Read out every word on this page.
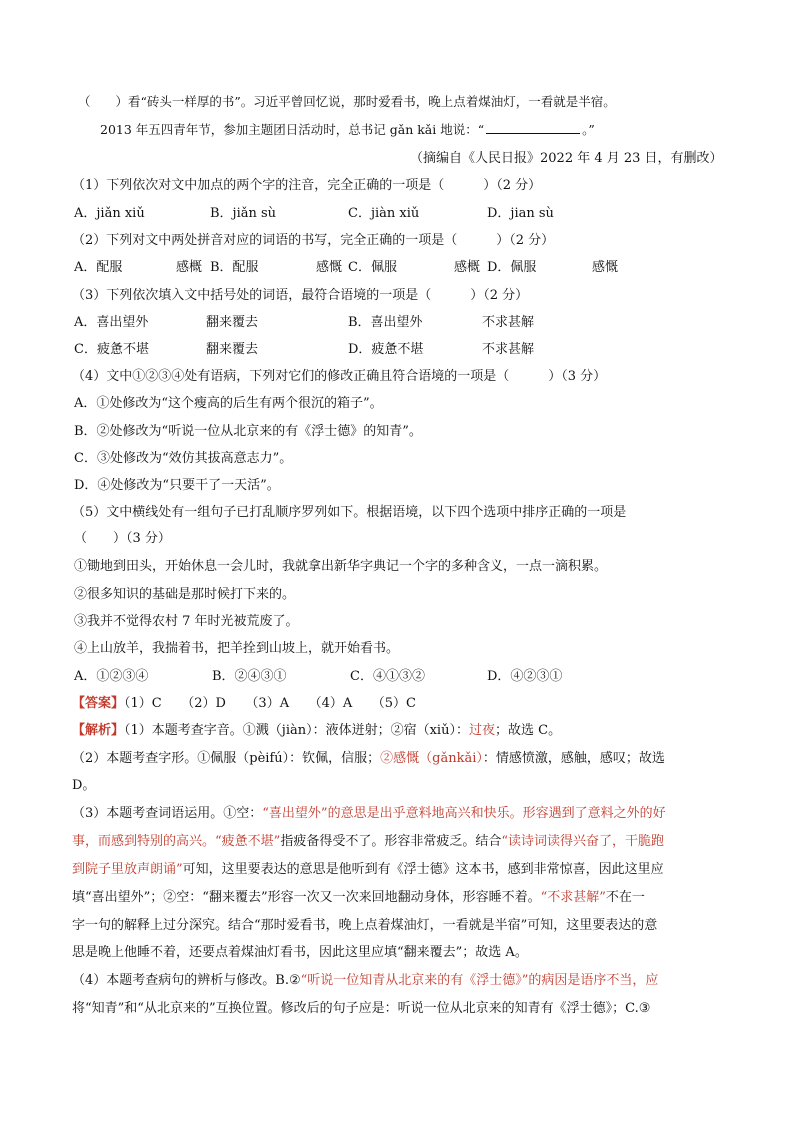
（　　）看“砖头一样厚的书”。习近平曾回忆说，那时爱看书，晚上点着煤油灯，一看就是半宿。
2013 年五四青年节，参加主题团日活动时，总书记 gǎn kǎi 地说：“	。”
（摘编自《人民日报》2022 年 4 月 23 日，有删改）
（1）下列依次对文中加点的两个字的注音，完全正确的一项是（　　　）（2 分）
A．jiǎn xiǔ	B．jiǎn sù	C．jiàn xiǔ	D．jian sù
（2）下列对文中两处拼音对应的词语的书写，完全正确的一项是（　　　）（2 分）
A．配服	感概 B．配服	感慨 C．佩服	感概 D．佩服	感慨
（3）下列依次填入文中括号处的词语，最符合语境的一项是（　　　）（2 分）
A．喜出望外	翻来覆去	B．喜出望外	不求甚解
C．疲惫不堪	翻来覆去	D．疲惫不堪	不求甚解
（4）文中①②③④处有语病，下列对它们的修改正确且符合语境的一项是（　　　）（3 分）
A．①处修改为“这个瘦高的后生有两个很沉的箱子”。
B．②处修改为“听说一位从北京来的有《浮士德》的知青”。
C．③处修改为“效仿其拔高意志力”。
D．④处修改为“只要干了一天活”。
（5）文中横线处有一组句子已打乱顺序罗列如下。根据语境，以下四个选项中排序正确的一项是
（　　）（3 分）
①锄地到田头，开始休息一会儿时，我就拿出新华字典记一个字的多种含义，一点一滴积累。
②很多知识的基础是那时候打下来的。
③我并不觉得农村 7 年时光被荒废了。
④上山放羊，我揣着书，把羊拴到山坡上，就开始看书。
A．①②③④	B．②④③①	C．④①③②	D．④②③①
【答案】（1）C　　（2）D　　（3）A　　（4）A　　（5）C
【解析】（1）本题考查字音。①溅（jiàn）：液体迸射；②宿（xiǔ）：过夜；故选 C。
（2）本题考查字形。①佩服（pèifú）：钦佩，信服；②感慨（gǎnkǎi）：情感愤激，感触，感叹；故选
D。
（3）本题考查词语运用。①空：“喜出望外”的意思是出乎意料地高兴和快乐。形容遇到了意料之外的好
事，而感到特别的高兴。“疲惫不堪”指疲备得受不了。形容非常疲乏。结合“读诗词读得兴奋了，干脆跑
到院子里放声朗诵”可知，这里要表达的意思是他听到有《浮士德》这本书，感到非常惊喜，因此这里应
填“喜出望外”；②空：“翻来覆去”形容一次又一次来回地翻动身体，形容睡不着。“不求甚解”不在一
字一句的解释上过分深究。结合“那时爱看书，晚上点着煤油灯，一看就是半宿”可知，这里要表达的意
思是晚上他睡不着，还要点着煤油灯看书，因此这里应填“翻来覆去”；故选 A。
（4）本题考查病句的辨析与修改。B.②“听说一位知青从北京来的有《浮士德》”的病因是语序不当，应
将“知青”和“从北京来的”互换位置。修改后的句子应是：听说一位从北京来的知青有《浮士德》；C.③
